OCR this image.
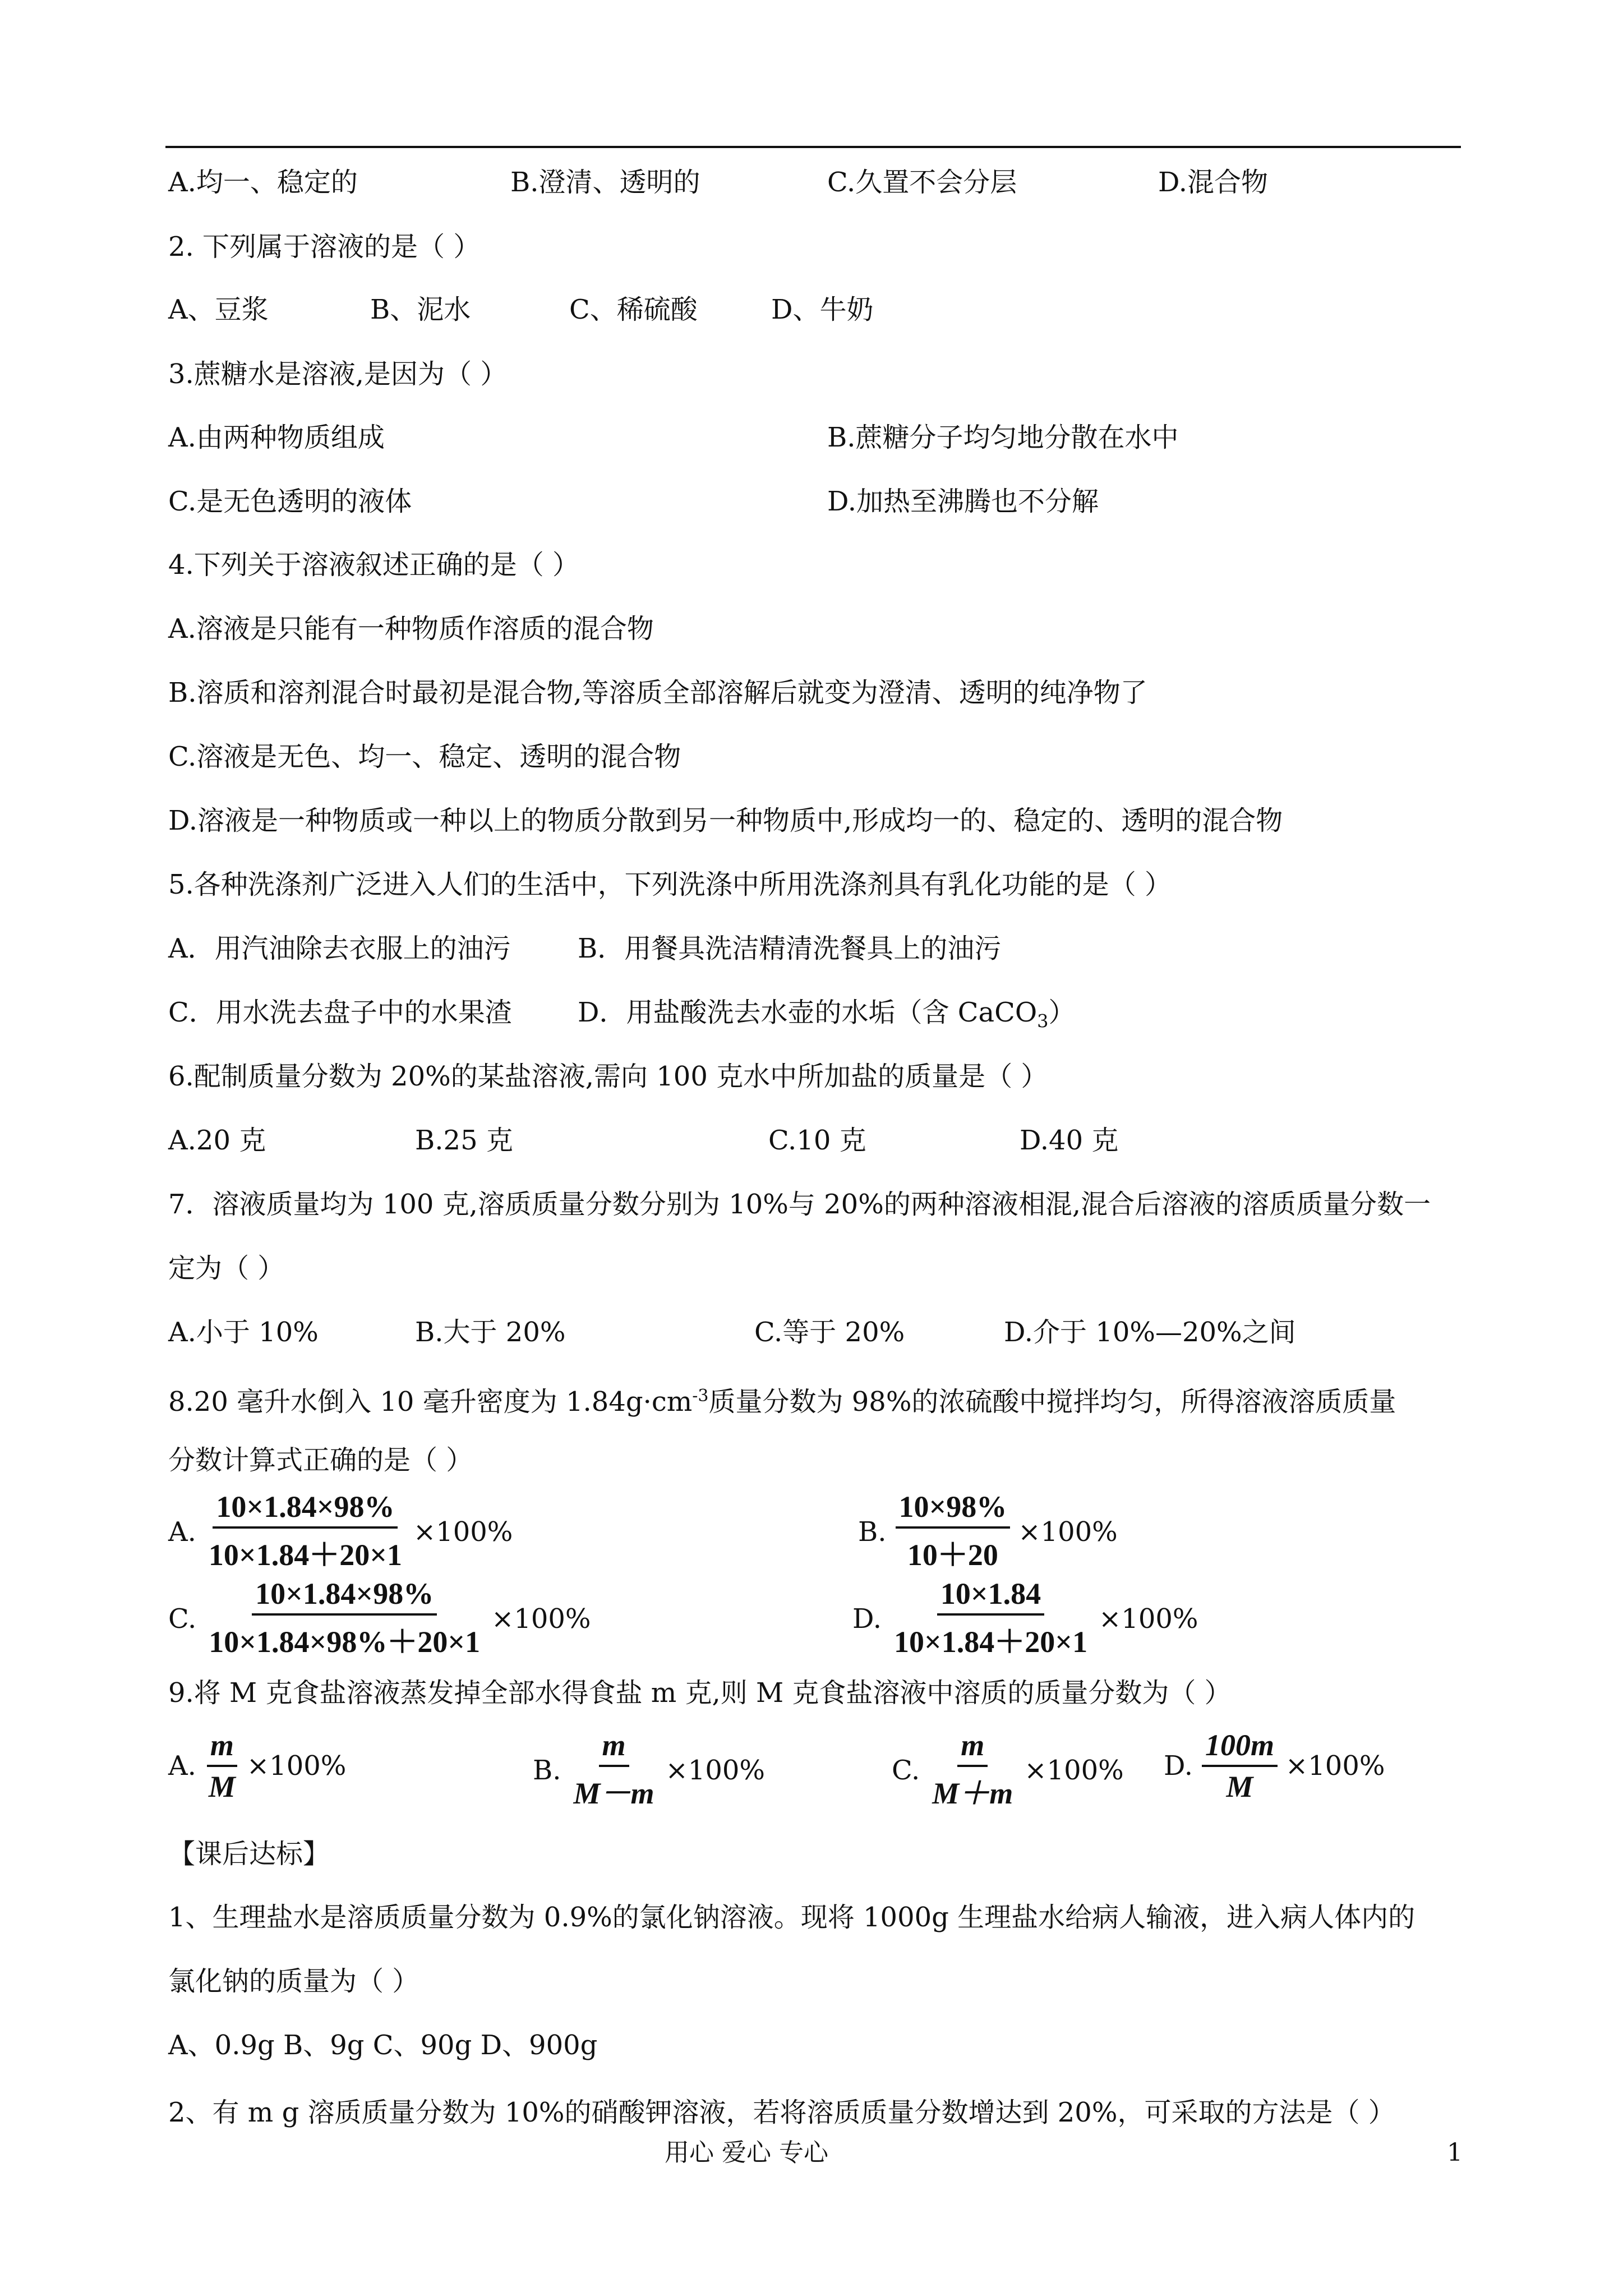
A.均一、稳定的	B.澄清、透明的	C.久置不会分层	D.混合物
2. 下列属于溶液的是（ ）
A、豆浆	B、泥水	C、稀硫酸	D、牛奶
3.蔗糖水是溶液,是因为（ ）
A.由两种物质组成	B.蔗糖分子均匀地分散在水中
C.是无色透明的液体	D.加热至沸腾也不分解
4.下列关于溶液叙述正确的是（ ）
A.溶液是只能有一种物质作溶质的混合物
B.溶质和溶剂混合时最初是混合物,等溶质全部溶解后就变为澄清、透明的纯净物了
C.溶液是无色、均一、稳定、透明的混合物
D.溶液是一种物质或一种以上的物质分散到另一种物质中,形成均一的、稳定的、透明的混合物
5.各种洗涤剂广泛进入人们的生活中，下列洗涤中所用洗涤剂具有乳化功能的是（ ）
A．用汽油除去衣服上的油污 B．用餐具洗洁精清洗餐具上的油污
C．用水洗去盘子中的水果渣 D．用盐酸洗去水壶的水垢（含 CaCO$_3$）
6.配制质量分数为 20%的某盐溶液,需向 100 克水中所加盐的质量是（ ）
A.20 克	B.25 克	C.10 克	D.40 克
7．溶液质量均为 100 克,溶质质量分数分别为 10%与 20%的两种溶液相混,混合后溶液的溶质质量分数一
定为（ ）
A.小于 10%	B.大于 20%	C.等于 20%	D.介于 10%—20%之间
8.20 毫升水倒入 10 毫升密度为 $1.84g\cdot cm^{-3}$质量分数为 98%的浓硫酸中搅拌均匀，所得溶液溶质质量
分数计算式正确的是（ ）
A. $\frac{10\times 1.84\times 98\%}{10\times 1.84+20\times 1} \times 100\%$	B. $\frac{10\times 98\%}{10+20} \times 100\%$
C. $\frac{10\times 1.84\times 98\%}{10\times 1.84\times 98\%+20\times 1} \times 100\%$	D. $\frac{10\times 1.84}{10\times 1.84+20\times 1} \times 100\%$
9.将 M 克食盐溶液蒸发掉全部水得食盐 m 克,则 M 克食盐溶液中溶质的质量分数为（ ）
A. $\frac{m}{M} \times 100\%$	B. $\frac{m}{M-m} \times 100\%$	C. $\frac{m}{M+m} \times 100\%$ D. $\frac{100m}{M} \times 100\%$
【课后达标】
1、生理盐水是溶质质量分数为 0.9%的氯化钠溶液。现将 1000g 生理盐水给病人输液，进入病人体内的
氯化钠的质量为（ ）
A、0.9g B、9g C、90g D、900g
2、有 m g 溶质质量分数为 10%的硝酸钾溶液，若将溶质质量分数增达到 20%，可采取的方法是（ ）
用心 爱心 专心	1
